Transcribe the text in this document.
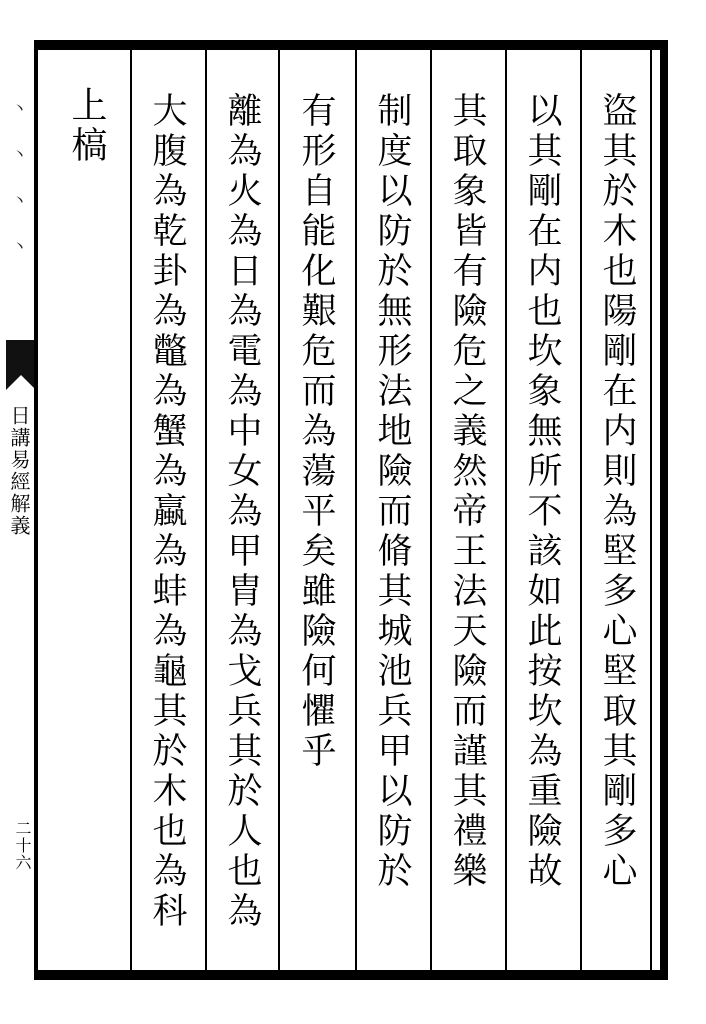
丶丶丶丶
日講易經解義
二十六
上槁	盜其於木也陽剛在内則為堅多心堅取其剛多心
以其剛在内也坎象無所不該如此按坎為重險故
其取象皆有險危之義然帝王法天險而謹其禮樂
制度以防於無形法地險而脩其城池兵甲以防於
有形自能化艱危而為蕩平矣雖險何懼乎
離為火為日為電為中女為甲胄為戈兵其於人也為
大腹為乾卦為鼈為蟹為蠃為蚌為龜其於木也為科
